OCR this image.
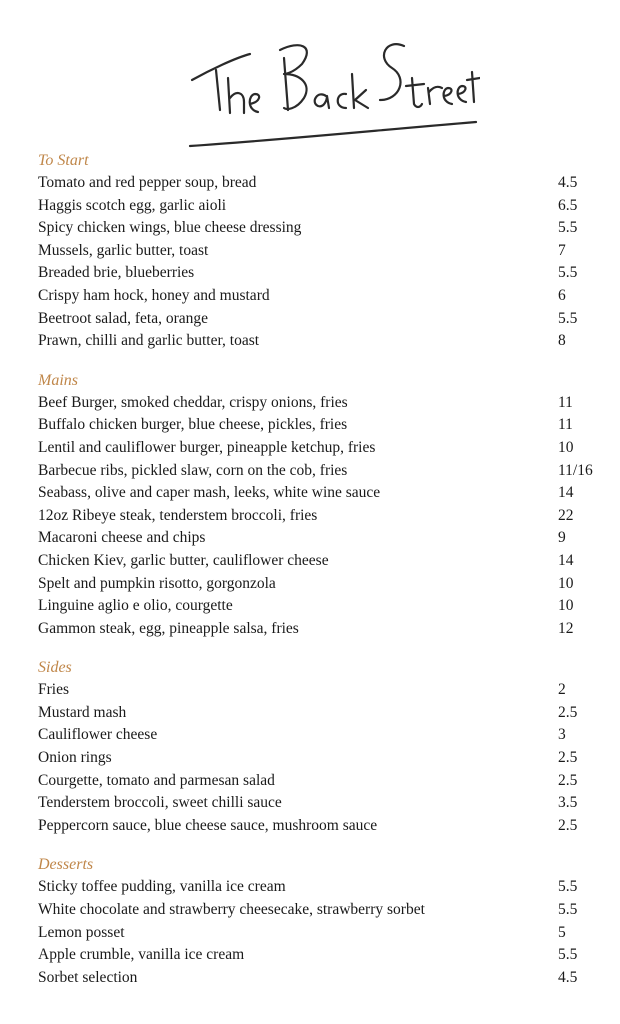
To Start
Tomato and red pepper soup, bread	4.5
Haggis scotch egg, garlic aioli	6.5
Spicy chicken wings, blue cheese dressing	5.5
Mussels, garlic butter, toast	7
Breaded brie, blueberries	5.5
Crispy ham hock, honey and mustard	6
Beetroot salad, feta, orange	5.5
Prawn, chilli and garlic butter, toast	8
Mains
Beef Burger, smoked cheddar, crispy onions, fries	11
Buffalo chicken burger, blue cheese, pickles, fries	11
Lentil and cauliflower burger, pineapple ketchup, fries	10
Barbecue ribs, pickled slaw, corn on the cob, fries	11/16
Seabass, olive and caper mash, leeks, white wine sauce	14
12oz Ribeye steak, tenderstem broccoli, fries	22
Macaroni cheese and chips	9
Chicken Kiev, garlic butter, cauliflower cheese	14
Spelt and pumpkin risotto, gorgonzola	10
Linguine aglio e olio, courgette	10
Gammon steak, egg, pineapple salsa, fries	12
Sides
Fries	2
Mustard mash	2.5
Cauliflower cheese	3
Onion rings	2.5
Courgette, tomato and parmesan salad	2.5
Tenderstem broccoli, sweet chilli sauce	3.5
Peppercorn sauce, blue cheese sauce, mushroom sauce	2.5
Desserts
Sticky toffee pudding, vanilla ice cream	5.5
White chocolate and strawberry cheesecake, strawberry sorbet	5.5
Lemon posset	5
Apple crumble, vanilla ice cream	5.5
Sorbet selection	4.5
